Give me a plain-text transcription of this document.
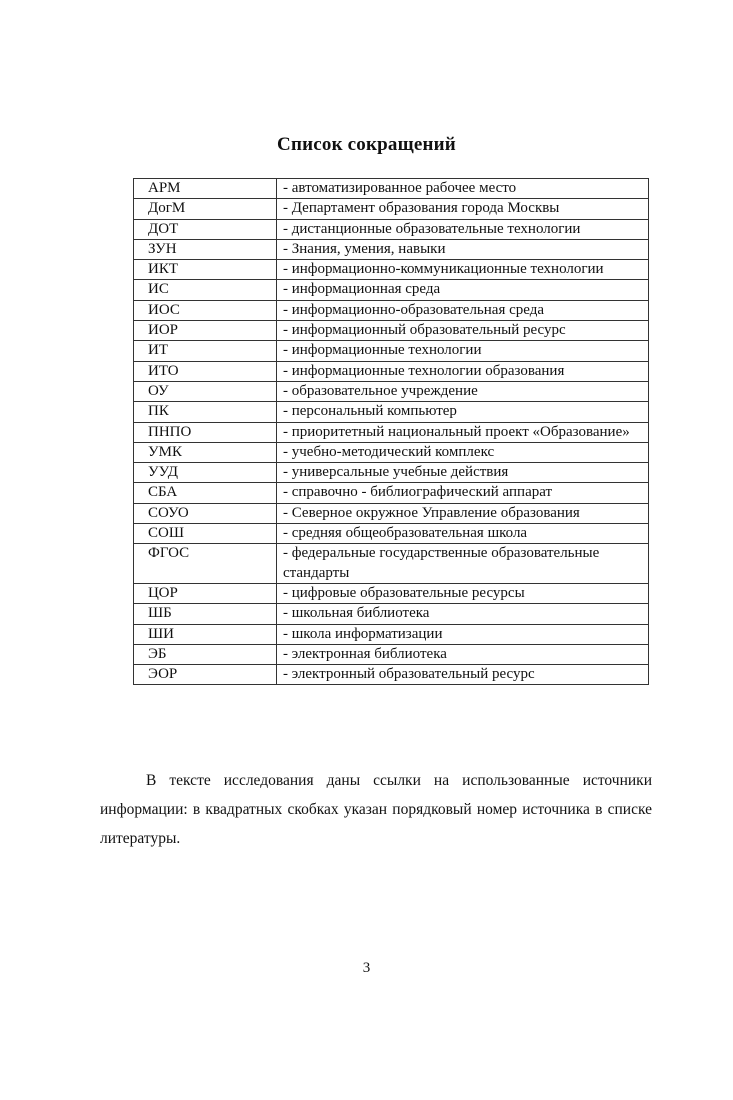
Список сокращений
АРМ	- автоматизированное рабочее место
ДогМ	- Департамент образования города Москвы
ДОТ	- дистанционные образовательные технологии
ЗУН	- Знания, умения, навыки
ИКТ	- информационно-коммуникационные технологии
ИС	- информационная среда
ИОС	- информационно-образовательная среда
ИОР	- информационный образовательный ресурс
ИТ	- информационные технологии
ИТО	- информационные технологии образования
ОУ	- образовательное учреждение
ПК	- персональный компьютер
ПНПО	- приоритетный национальный проект «Образование»
УМК	- учебно-методический комплекс
УУД	- универсальные учебные действия
СБА	- справочно - библиографический аппарат
СОУО	- Северное окружное Управление образования
СОШ	- средняя общеобразовательная школа
ФГОС	- федеральные государственные образовательные стандарты
ЦОР	- цифровые образовательные ресурсы
ШБ	- школьная библиотека
ШИ	- школа информатизации
ЭБ	- электронная библиотека
ЭОР	- электронный образовательный ресурс
В тексте исследования даны ссылки на использованные источники информации: в квадратных скобках указан порядковый номер источника в списке литературы.
3
